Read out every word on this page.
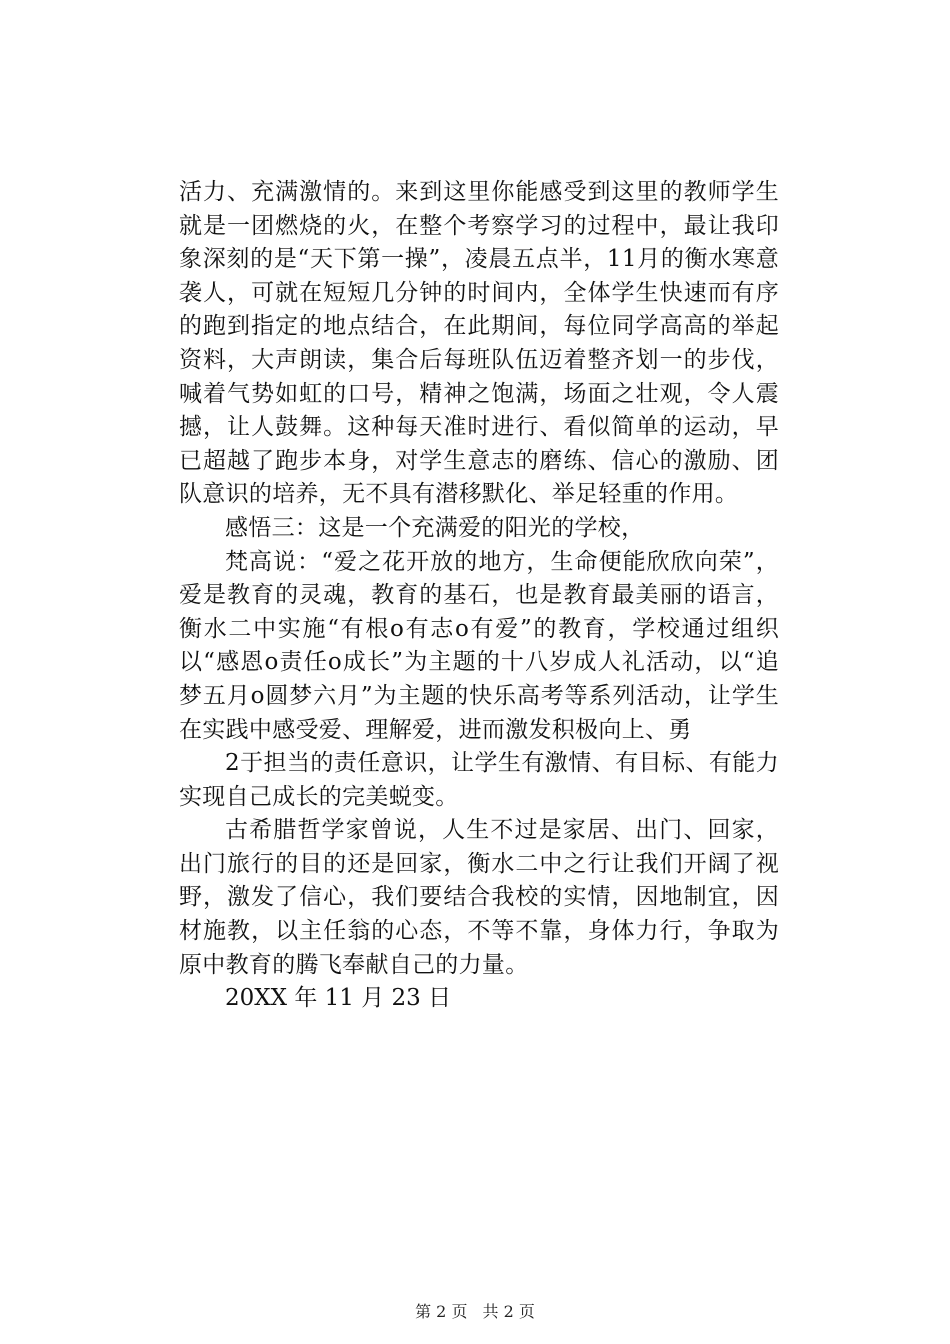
活力、充满激情的。来到这里你能感受到这里的教师学生就是一团燃烧的火，在整个考察学习的过程中，最让我印象深刻的是“天下第一操”，凌晨五点半，11月的衡水寒意袭人，可就在短短几分钟的时间内，全体学生快速而有序的跑到指定的地点结合，在此期间，每位同学高高的举起资料，大声朗读，集合后每班队伍迈着整齐划一的步伐，喊着气势如虹的口号，精神之饱满，场面之壮观，令人震撼，让人鼓舞。这种每天准时进行、看似简单的运动，早已超越了跑步本身，对学生意志的磨练、信心的激励、团队意识的培养，无不具有潜移默化、举足轻重的作用。

感悟三：这是一个充满爱的阳光的学校，

梵高说：“爱之花开放的地方，生命便能欣欣向荣”，爱是教育的灵魂，教育的基石，也是教育最美丽的语言，衡水二中实施“有根o有志o有爱”的教育，学校通过组织以“感恩o责任o成长”为主题的十八岁成人礼活动，以“追梦五月o圆梦六月”为主题的快乐高考等系列活动，让学生在实践中感受爱、理解爱，进而激发积极向上、勇

2于担当的责任意识，让学生有激情、有目标、有能力实现自己成长的完美蜕变。

古希腊哲学家曾说，人生不过是家居、出门、回家，出门旅行的目的还是回家，衡水二中之行让我们开阔了视野，激发了信心，我们要结合我校的实情，因地制宜，因材施教，以主任翁的心态，不等不靠，身体力行，争取为原中教育的腾飞奉献自己的力量。

20XX 年 11 月 23 日

第 2 页 共 2 页
